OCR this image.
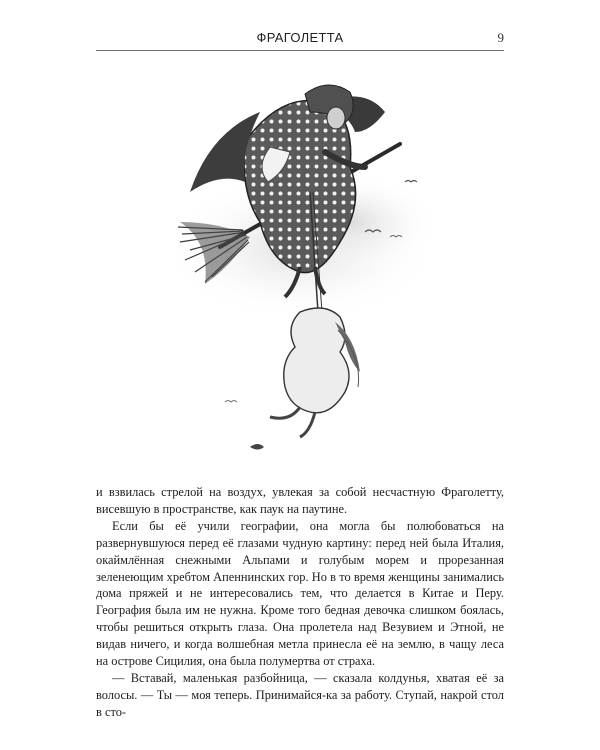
ФРАГОЛЕТТА	9

и взвилась стрелой на воздух, увлекая за собой несчастную Фраголетту, висевшую в пространстве, как паук на паутине.

Если бы её учили географии, она могла бы полюбоваться на развернувшуюся перед её глазами чудную картину: перед ней была Италия, окаймлённая снежными Альпами и голубым морем и прорезанная зеленеющим хребтом Апеннинских гор. Но в то время женщины занимались дома пряжей и не интересовались тем, что делается в Китае и Перу. География была им не нужна. Кроме того бедная девочка слишком боялась, чтобы решиться открыть глаза. Она пролетела над Везувием и Этной, не видав ничего, и когда волшебная метла принесла её на землю, в чащу леса на острове Сицилия, она была полумертва от страха.

— Вставай, маленькая разбойница, — сказала колдунья, хватая её за волосы. — Ты — моя теперь. Принимайся-ка за работу. Ступай, накрой стол в сто-
